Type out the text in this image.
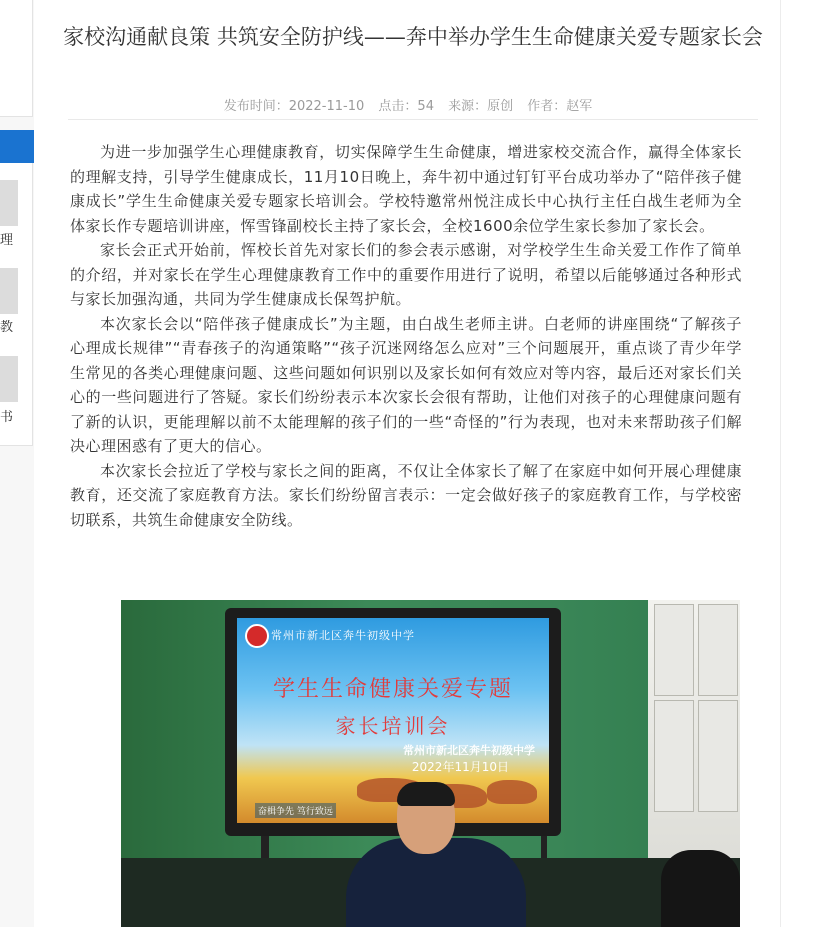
理
教
书
家校沟通献良策 共筑安全防护线——奔中举办学生生命健康关爱专题家长会
发布时间：2022-11-10 点击：54 来源：原创 作者：赵军

为进一步加强学生心理健康教育，切实保障学生生命健康，增进家校交流合作，赢得全体家长的理解支持，引导学生健康成长，11月10日晚上，奔牛初中通过钉钉平台成功举办了“陪伴孩子健康成长”学生生命健康关爱专题家长培训会。学校特邀常州悦注成长中心执行主任白战生老师为全体家长作专题培训讲座，恽雪锋副校长主持了家长会，全校1600余位学生家长参加了家长会。

家长会正式开始前，恽校长首先对家长们的参会表示感谢，对学校学生生命关爱工作作了简单的介绍，并对家长在学生心理健康教育工作中的重要作用进行了说明，希望以后能够通过各种形式与家长加强沟通，共同为学生健康成长保驾护航。

本次家长会以“陪伴孩子健康成长”为主题，由白战生老师主讲。白老师的讲座围绕“了解孩子心理成长规律”“青春孩子的沟通策略”“孩子沉迷网络怎么应对”三个问题展开，重点谈了青少年学生常见的各类心理健康问题、这些问题如何识别以及家长如何有效应对等内容，最后还对家长们关心的一些问题进行了答疑。家长们纷纷表示本次家长会很有帮助，让他们对孩子的心理健康问题有了新的认识，更能理解以前不太能理解的孩子们的一些“奇怪的”行为表现，也对未来帮助孩子们解决心理困惑有了更大的信心。

本次家长会拉近了学校与家长之间的距离，不仅让全体家长了解了在家庭中如何开展心理健康教育，还交流了家庭教育方法。家长们纷纷留言表示：一定会做好孩子的家庭教育工作，与学校密切联系，共筑生命健康安全防线。

常州市新北区奔牛初级中学
学生生命健康关爱专题
家长培训会
常州市新北区奔牛初级中学
2022年11月10日
奋楫争先 笃行致远
